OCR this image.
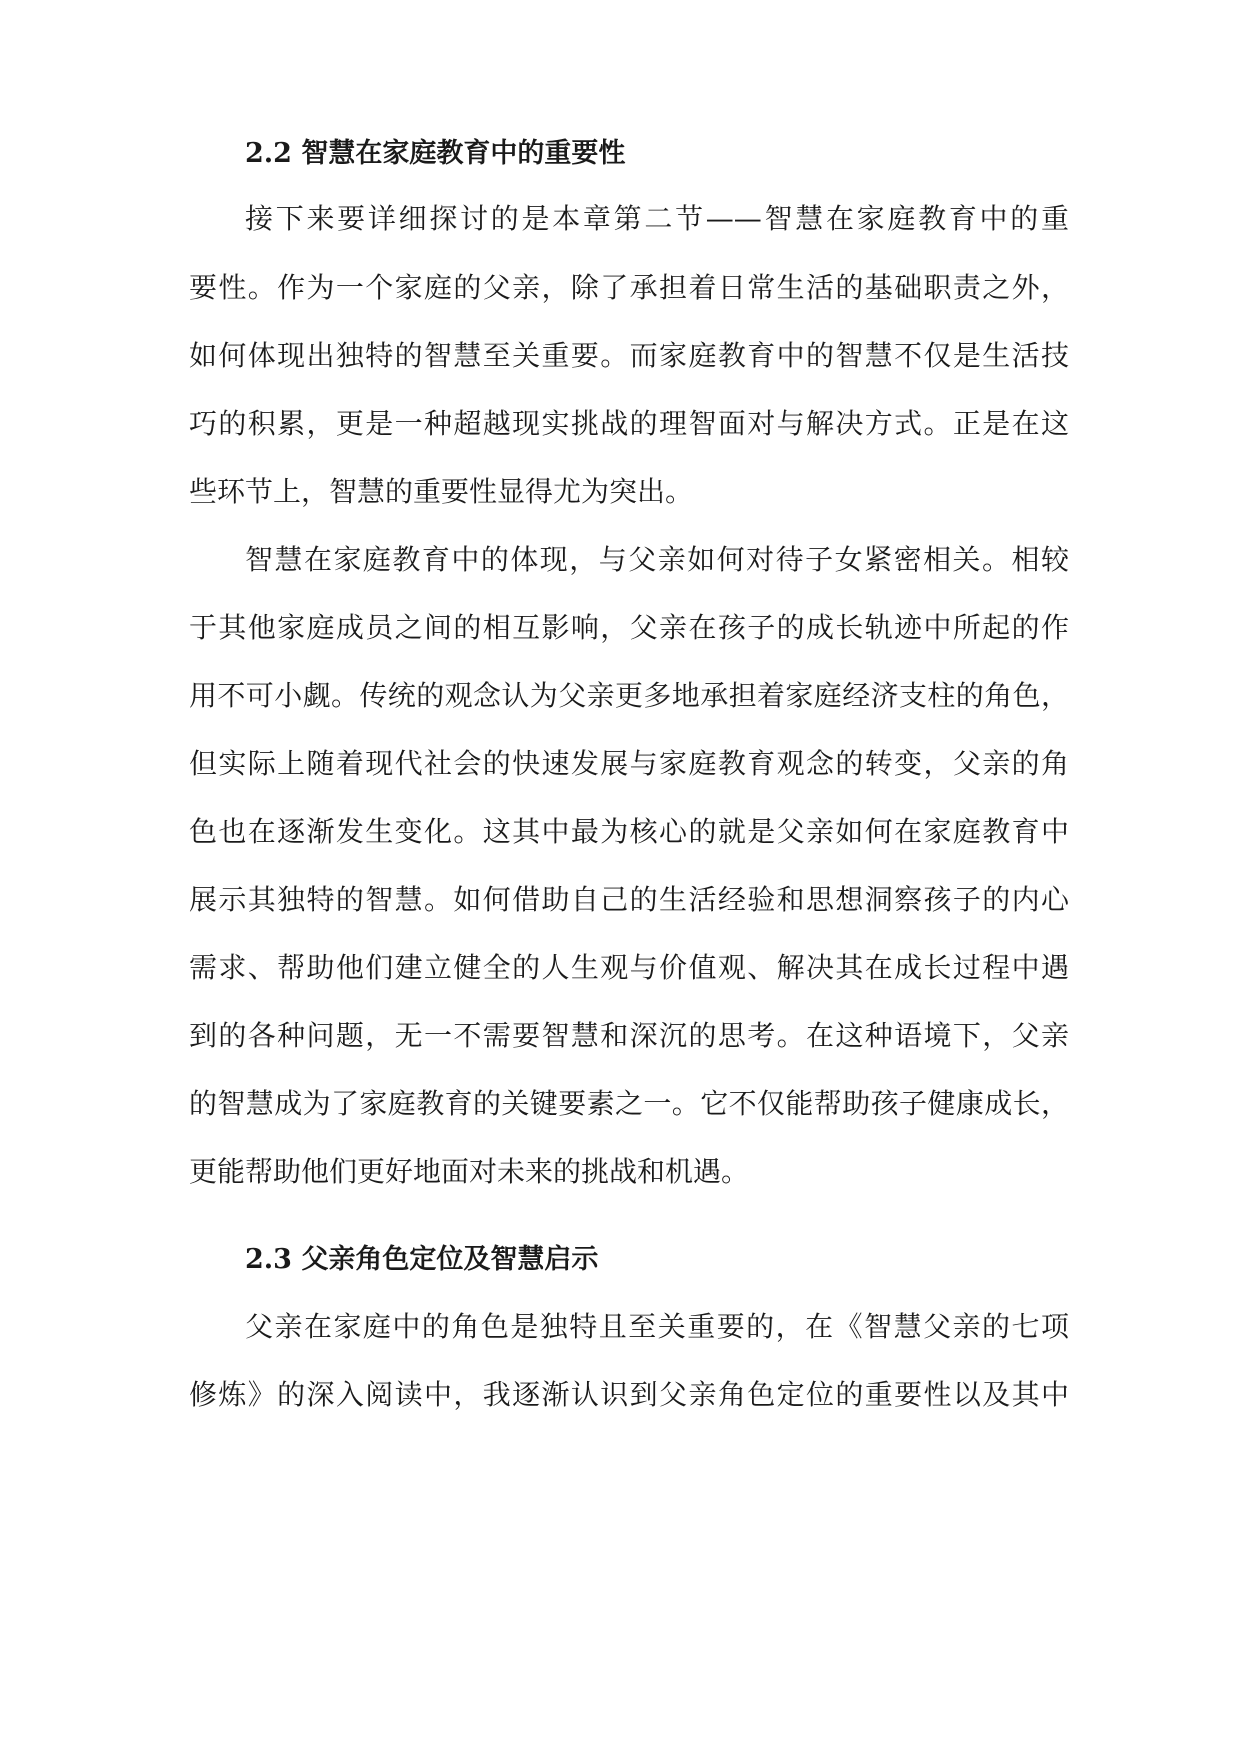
2.2 智慧在家庭教育中的重要性
接下来要详细探讨的是本章第二节——智慧在家庭教育中的重
要性。作为一个家庭的父亲，除了承担着日常生活的基础职责之外，
如何体现出独特的智慧至关重要。而家庭教育中的智慧不仅是生活技
巧的积累，更是一种超越现实挑战的理智面对与解决方式。正是在这
些环节上，智慧的重要性显得尤为突出。
智慧在家庭教育中的体现，与父亲如何对待子女紧密相关。相较
于其他家庭成员之间的相互影响，父亲在孩子的成长轨迹中所起的作
用不可小觑。传统的观念认为父亲更多地承担着家庭经济支柱的角色，
但实际上随着现代社会的快速发展与家庭教育观念的转变，父亲的角
色也在逐渐发生变化。这其中最为核心的就是父亲如何在家庭教育中
展示其独特的智慧。如何借助自己的生活经验和思想洞察孩子的内心
需求、帮助他们建立健全的人生观与价值观、解决其在成长过程中遇
到的各种问题，无一不需要智慧和深沉的思考。在这种语境下，父亲
的智慧成为了家庭教育的关键要素之一。它不仅能帮助孩子健康成长，
更能帮助他们更好地面对未来的挑战和机遇。
2.3 父亲角色定位及智慧启示
父亲在家庭中的角色是独特且至关重要的，在《智慧父亲的七项
修炼》的深入阅读中，我逐渐认识到父亲角色定位的重要性以及其中
